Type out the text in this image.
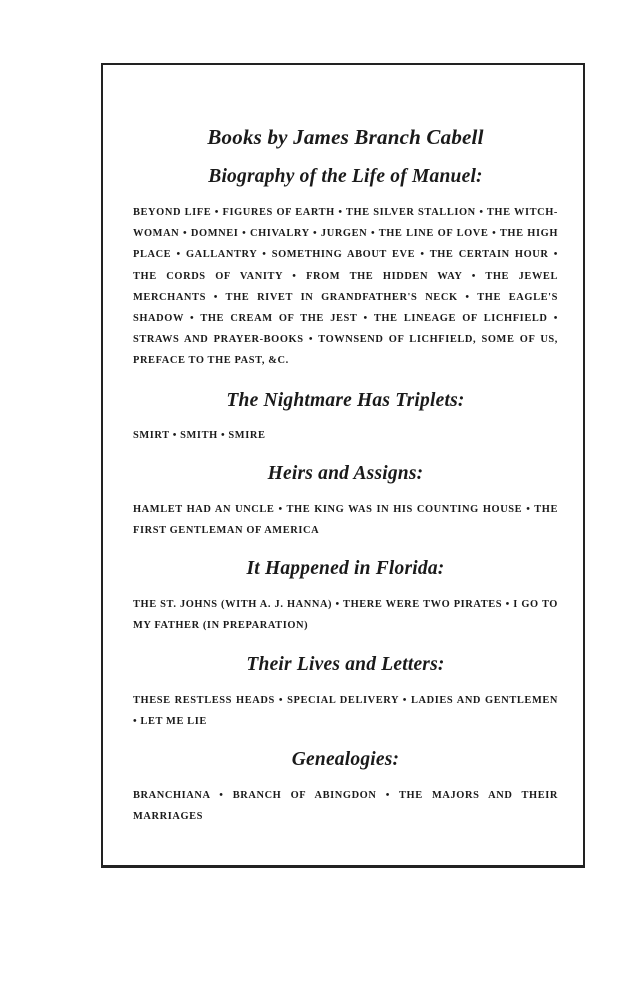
Books by James Branch Cabell
Biography of the Life of Manuel:

BEYOND LIFE • FIGURES OF EARTH • THE SILVER STALLION • THE WITCH-WOMAN • DOMNEI • CHIVALRY • JURGEN • THE LINE OF LOVE • THE HIGH PLACE • GALLANTRY • SOMETHING ABOUT EVE • THE CERTAIN HOUR • THE CORDS OF VANITY • FROM THE HIDDEN WAY • THE JEWEL MERCHANTS • THE RIVET IN GRANDFATHER'S NECK • THE EAGLE'S SHADOW • THE CREAM OF THE JEST • THE LINEAGE OF LICHFIELD • STRAWS AND PRAYER-BOOKS • TOWNSEND OF LICHFIELD, SOME OF US, PREFACE TO THE PAST, &C.

The Nightmare Has Triplets:

SMIRT • SMITH • SMIRE

Heirs and Assigns:

HAMLET HAD AN UNCLE • THE KING WAS IN HIS COUNTING HOUSE • THE FIRST GENTLEMAN OF AMERICA

It Happened in Florida:

THE ST. JOHNS (WITH A. J. HANNA) • THERE WERE TWO PIRATES • I GO TO MY FATHER (IN PREPARATION)

Their Lives and Letters:

THESE RESTLESS HEADS • SPECIAL DELIVERY • LADIES AND GENTLEMEN • LET ME LIE

Genealogies:

BRANCHIANA • BRANCH OF ABINGDON • THE MAJORS AND THEIR MARRIAGES
